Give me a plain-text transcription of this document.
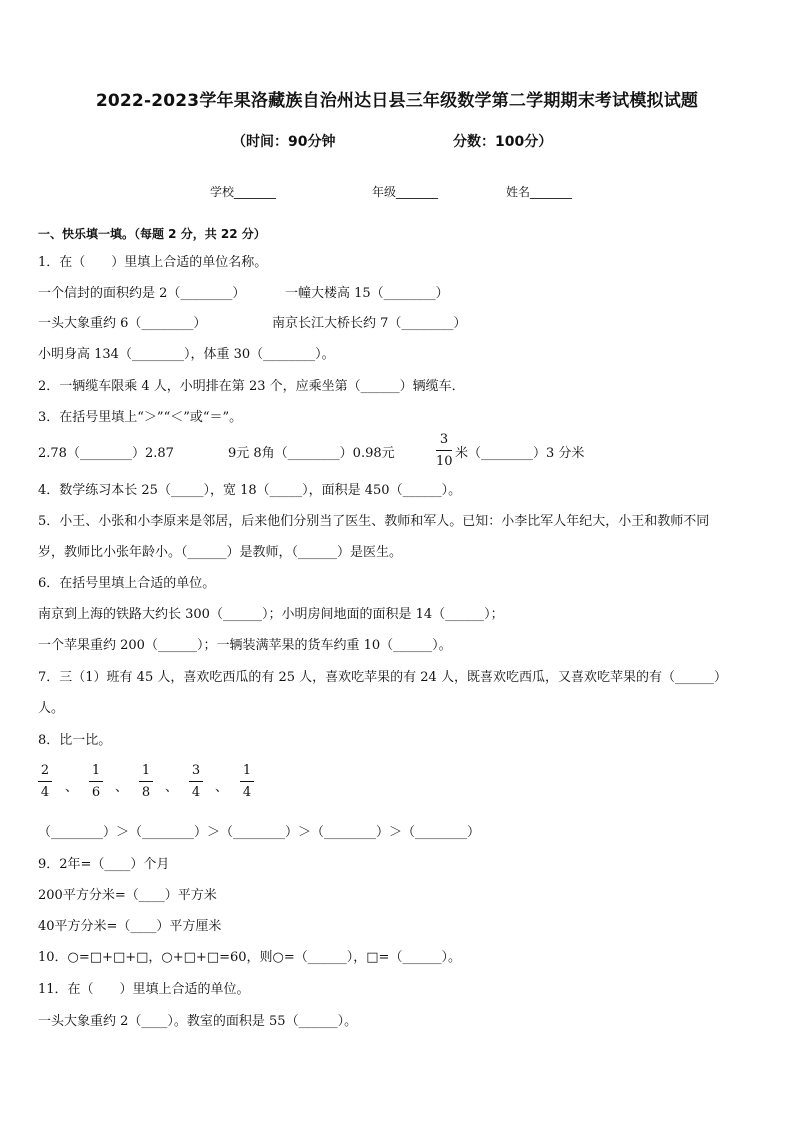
2022-2023学年果洛藏族自治州达日县三年级数学第二学期期末考试模拟试题
（时间：90分钟	分数：100分）
学校_______	年级_______	姓名_______
一、快乐填一填。（每题 2 分，共 22 分）
1．在（　　）里填上合适的单位名称。
一个信封的面积约是 2（________）	一幢大楼高 15（________）
一头大象重约 6（________）	南京长江大桥长约 7（________）
小明身高 134（________），体重 30（________）。
2．一辆缆车限乘 4 人，小明排在第 23 个，应乘坐第（______）辆缆车．
3．在括号里填上“＞”“＜”或“＝”。
2.78（________）2.87	9元 8角（________）0.98元
3
10
米（________）3 分米
4．数学练习本长 25（_____），宽 18（_____），面积是 450（______）。
5．小王、小张和小李原来是邻居，后来他们分别当了医生、教师和军人。已知：小李比军人年纪大，小王和教师不同
岁，教师比小张年龄小。（______）是教师，（______）是医生。
6．在括号里填上合适的单位。
南京到上海的铁路大约长 300（______）；小明房间地面的面积是 14（______）；
一个苹果重约 200（______）；一辆装满苹果的货车约重 10（______）。
7．三（1）班有 45 人，喜欢吃西瓜的有 25 人，喜欢吃苹果的有 24 人，既喜欢吃西瓜，又喜欢吃苹果的有（______）
人。
8．比一比。
2
4 、
1
6 、
1
8 、
3
4 、
1
4
（________）＞（________）＞（________）＞（________）＞（________）
9．2年=（____）个月
200平方分米=（____）平方米
40平方分米=（____）平方厘米
10．○=□+□+□，○+□+□=60，则○=（______），□=（______）。
11．在（　　）里填上合适的单位。
一头大象重约 2（____）。教室的面积是 55（______）。
